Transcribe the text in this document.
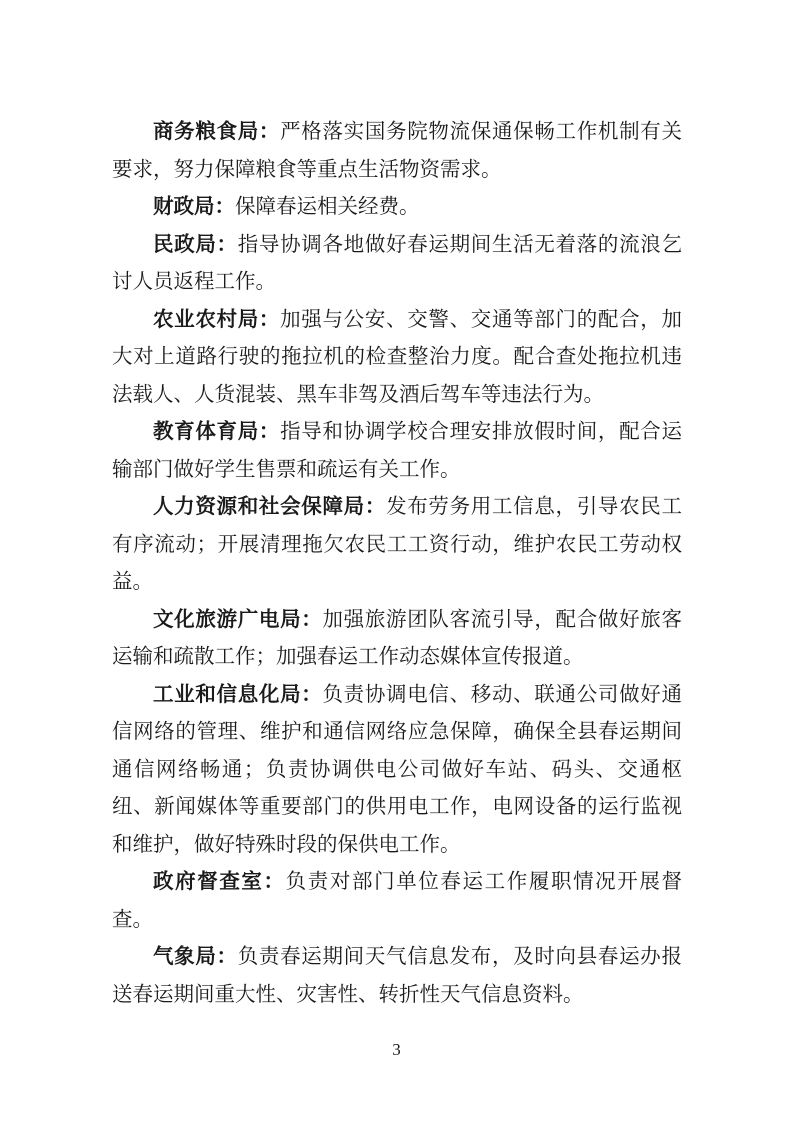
商务粮食局：严格落实国务院物流保通保畅工作机制有关要求，努力保障粮食等重点生活物资需求。

财政局：保障春运相关经费。

民政局：指导协调各地做好春运期间生活无着落的流浪乞讨人员返程工作。

农业农村局：加强与公安、交警、交通等部门的配合，加大对上道路行驶的拖拉机的检查整治力度。配合查处拖拉机违法载人、人货混装、黑车非驾及酒后驾车等违法行为。

教育体育局：指导和协调学校合理安排放假时间，配合运输部门做好学生售票和疏运有关工作。

人力资源和社会保障局：发布劳务用工信息，引导农民工有序流动；开展清理拖欠农民工工资行动，维护农民工劳动权益。

文化旅游广电局：加强旅游团队客流引导，配合做好旅客运输和疏散工作；加强春运工作动态媒体宣传报道。

工业和信息化局：负责协调电信、移动、联通公司做好通信网络的管理、维护和通信网络应急保障，确保全县春运期间通信网络畅通；负责协调供电公司做好车站、码头、交通枢纽、新闻媒体等重要部门的供用电工作，电网设备的运行监视和维护，做好特殊时段的保供电工作。

政府督查室：负责对部门单位春运工作履职情况开展督查。

气象局：负责春运期间天气信息发布，及时向县春运办报送春运期间重大性、灾害性、转折性天气信息资料。

3
